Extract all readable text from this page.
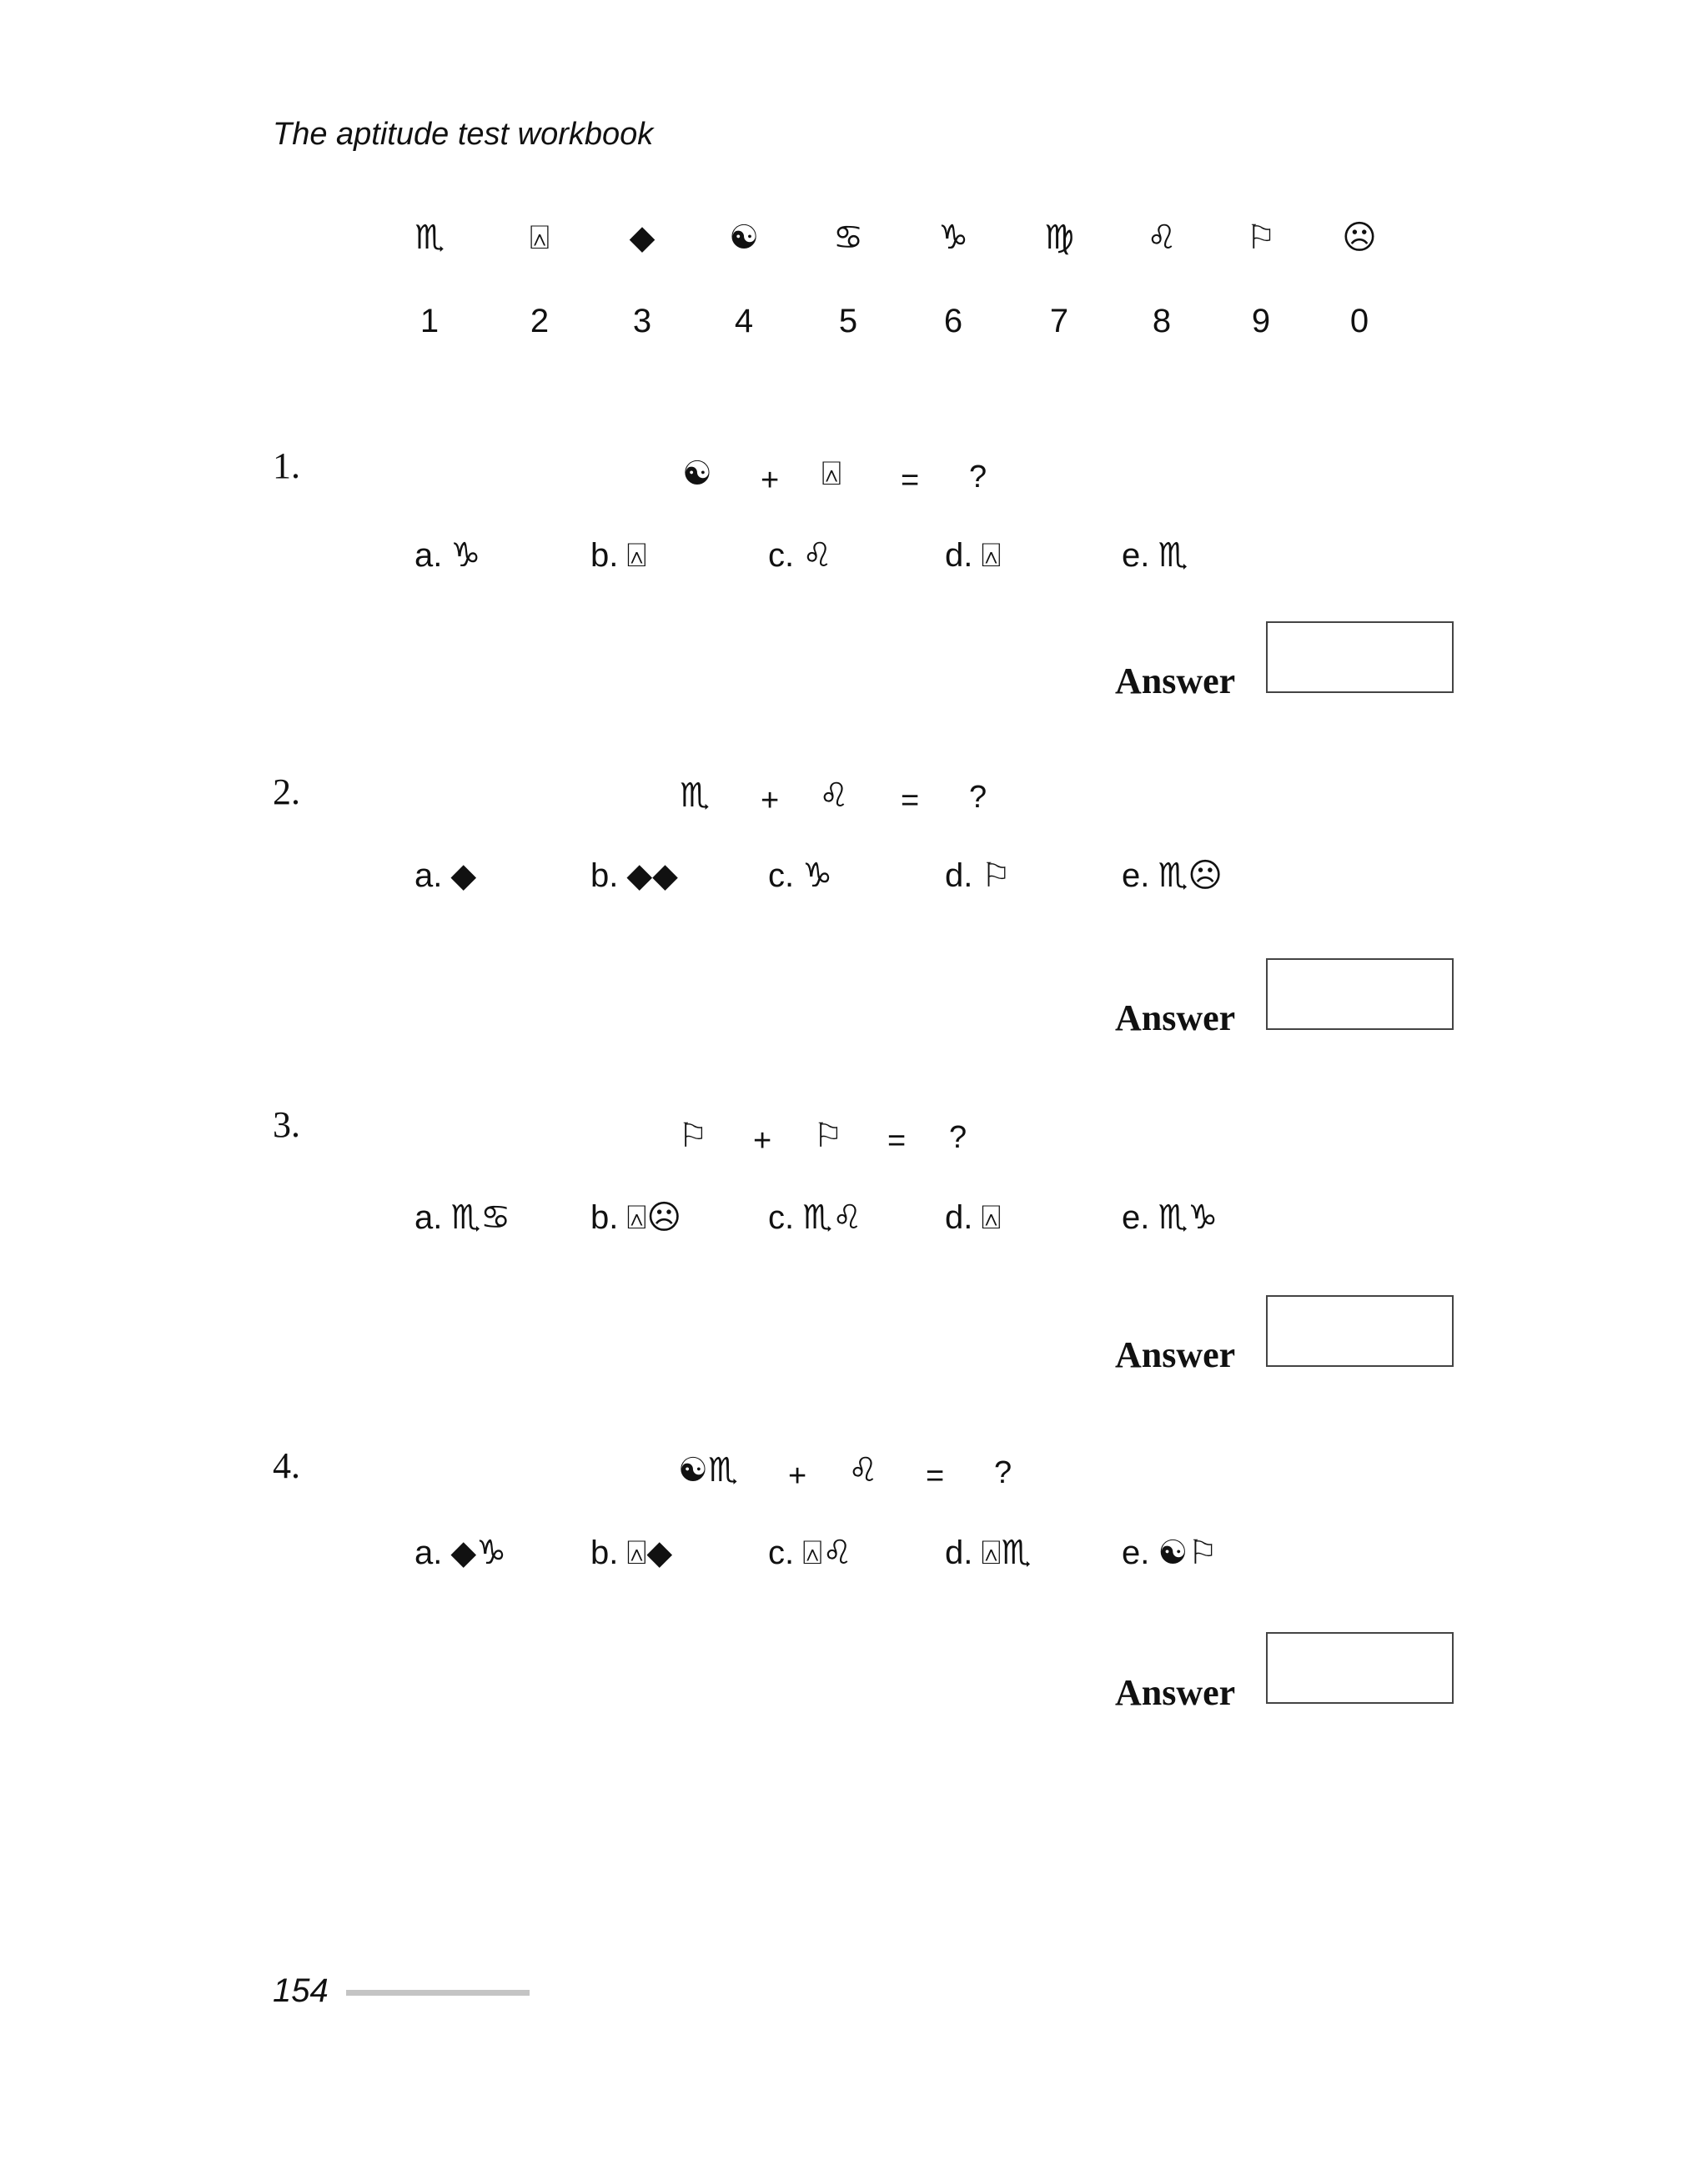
The aptitude test workbook
♏	⍓	◆	☯	♋	♑	♍	♌	⚐	☹
1	2	3	4	5	6	7	8	9	0
1.	☯ + ⍓ = ?
a. ♑	b. ⍓	c. ♌	d. ⍓	e. ♏
Answer
2.	♏ + ♌ = ?
a. ◆	b. ◆◆	c. ♑	d. ⚐	e. ♏☹
Answer
3.	⚐ + ⚐ = ?
a. ♏♋ b. ⍓☹	c. ♏♌ d. ⍓	e. ♏♑
Answer
4.	☯♏ + ♌ = ?
a. ◆♑	b. ⍓◆	c. ⍓♌	d. ⍓♏	e. ☯⚐
Answer
154
